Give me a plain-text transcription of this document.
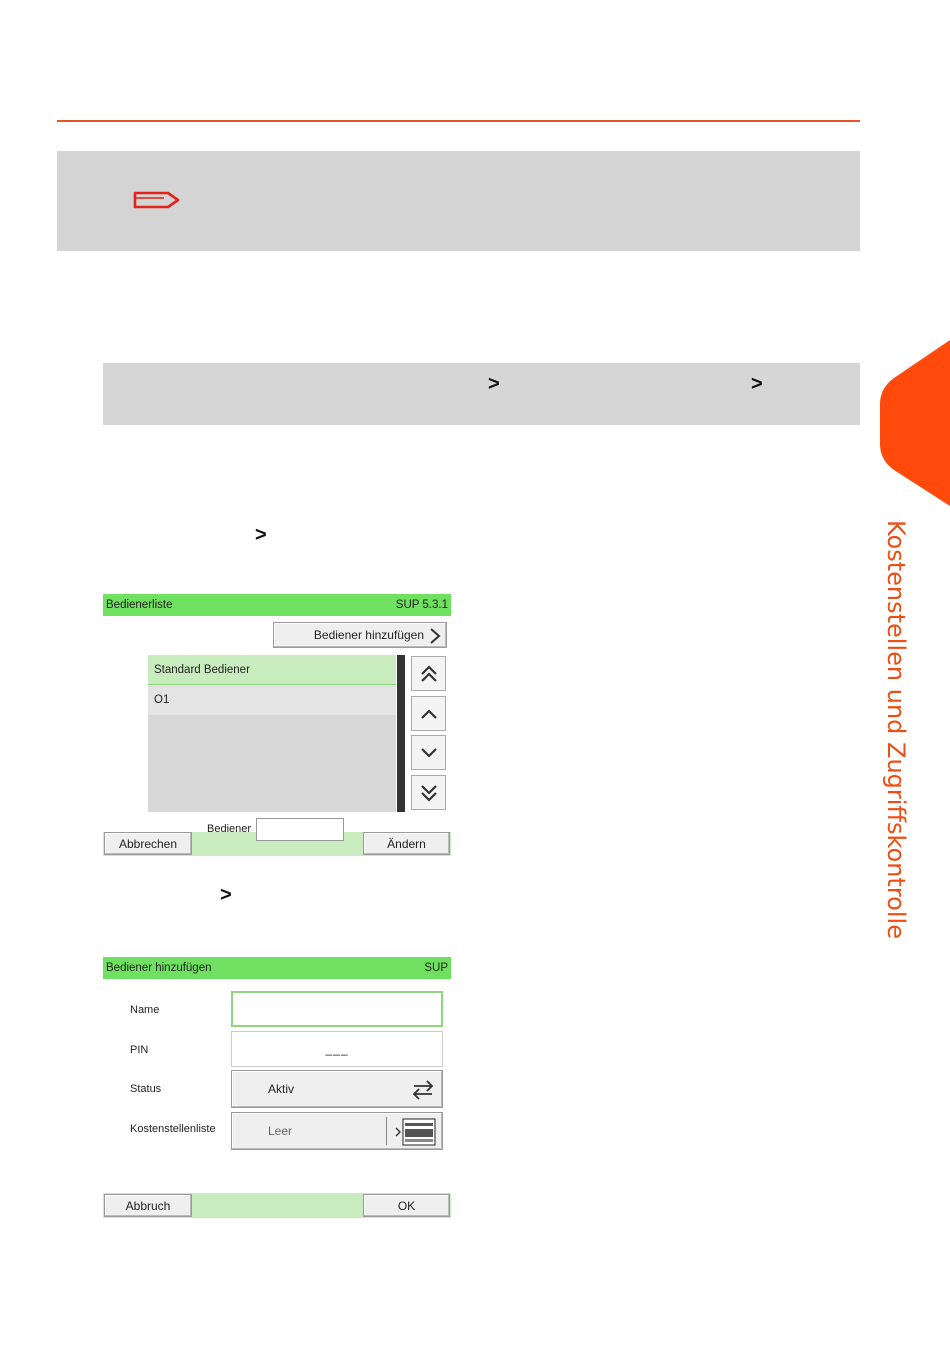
>	>
>
>	Kostenstellen und Zugriffskontrolle
Bedienerliste	SUP 5.3.1
Bediener hinzufügen
Standard Bediener
O1
Abbrechen
Bediener
Ändern
Bediener hinzufügen	SUP
Name
PIN	___
Status	Aktiv
Kostenstellenliste	Leer
Abbruch	OK
